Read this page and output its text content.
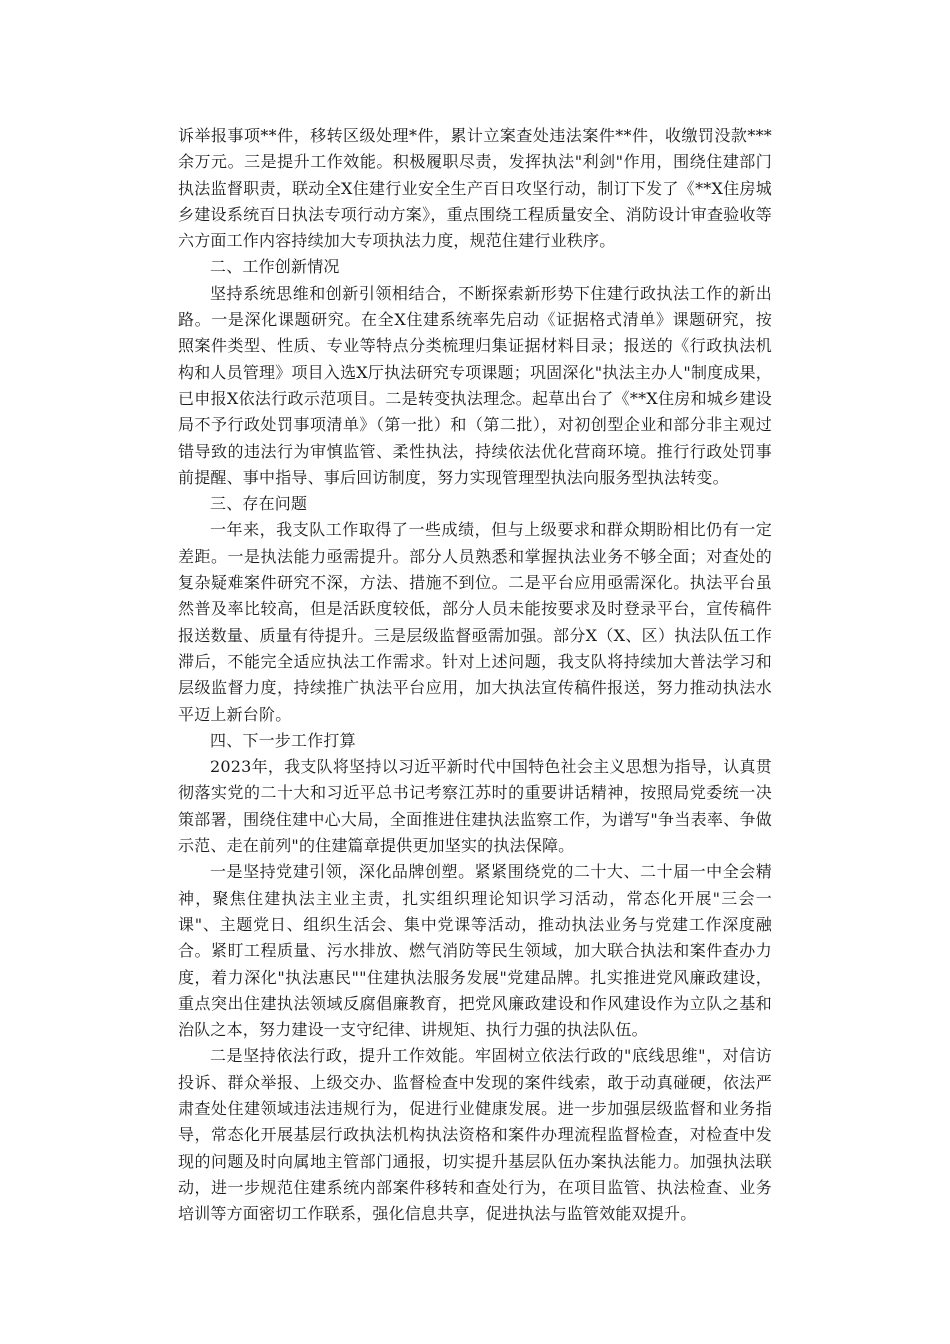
诉举报事项**件，移转区级处理*件，累计立案查处违法案件**件，收缴罚没款***余万元。三是提升工作效能。积极履职尽责，发挥执法"利剑"作用，围绕住建部门执法监督职责，联动全X住建行业安全生产百日攻坚行动，制订下发了《**X住房城乡建设系统百日执法专项行动方案》，重点围绕工程质量安全、消防设计审查验收等六方面工作内容持续加大专项执法力度，规范住建行业秩序。

二、工作创新情况

坚持系统思维和创新引领相结合，不断探索新形势下住建行政执法工作的新出路。一是深化课题研究。在全X住建系统率先启动《证据格式清单》课题研究，按照案件类型、性质、专业等特点分类梳理归集证据材料目录；报送的《行政执法机构和人员管理》项目入选X厅执法研究专项课题；巩固深化"执法主办人"制度成果，已申报X依法行政示范项目。二是转变执法理念。起草出台了《**X住房和城乡建设局不予行政处罚事项清单》（第一批）和（第二批），对初创型企业和部分非主观过错导致的违法行为审慎监管、柔性执法，持续依法优化营商环境。推行行政处罚事前提醒、事中指导、事后回访制度，努力实现管理型执法向服务型执法转变。

三、存在问题

一年来，我支队工作取得了一些成绩，但与上级要求和群众期盼相比仍有一定差距。一是执法能力亟需提升。部分人员熟悉和掌握执法业务不够全面；对查处的复杂疑难案件研究不深，方法、措施不到位。二是平台应用亟需深化。执法平台虽然普及率比较高，但是活跃度较低，部分人员未能按要求及时登录平台，宣传稿件报送数量、质量有待提升。三是层级监督亟需加强。部分X（X、区）执法队伍工作滞后，不能完全适应执法工作需求。针对上述问题，我支队将持续加大普法学习和层级监督力度，持续推广执法平台应用，加大执法宣传稿件报送，努力推动执法水平迈上新台阶。

四、下一步工作打算

2023年，我支队将坚持以习近平新时代中国特色社会主义思想为指导，认真贯彻落实党的二十大和习近平总书记考察江苏时的重要讲话精神，按照局党委统一决策部署，围绕住建中心大局，全面推进住建执法监察工作，为谱写"争当表率、争做示范、走在前列"的住建篇章提供更加坚实的执法保障。

一是坚持党建引领，深化品牌创塑。紧紧围绕党的二十大、二十届一中全会精神，聚焦住建执法主业主责，扎实组织理论知识学习活动，常态化开展"三会一课"、主题党日、组织生活会、集中党课等活动，推动执法业务与党建工作深度融合。紧盯工程质量、污水排放、燃气消防等民生领域，加大联合执法和案件查办力度，着力深化"执法惠民""住建执法服务发展"党建品牌。扎实推进党风廉政建设，重点突出住建执法领域反腐倡廉教育，把党风廉政建设和作风建设作为立队之基和治队之本，努力建设一支守纪律、讲规矩、执行力强的执法队伍。

二是坚持依法行政，提升工作效能。牢固树立依法行政的"底线思维"，对信访投诉、群众举报、上级交办、监督检查中发现的案件线索，敢于动真碰硬，依法严肃查处住建领域违法违规行为，促进行业健康发展。进一步加强层级监督和业务指导，常态化开展基层行政执法机构执法资格和案件办理流程监督检查，对检查中发现的问题及时向属地主管部门通报，切实提升基层队伍办案执法能力。加强执法联动，进一步规范住建系统内部案件移转和查处行为，在项目监管、执法检查、业务培训等方面密切工作联系，强化信息共享，促进执法与监管效能双提升。
